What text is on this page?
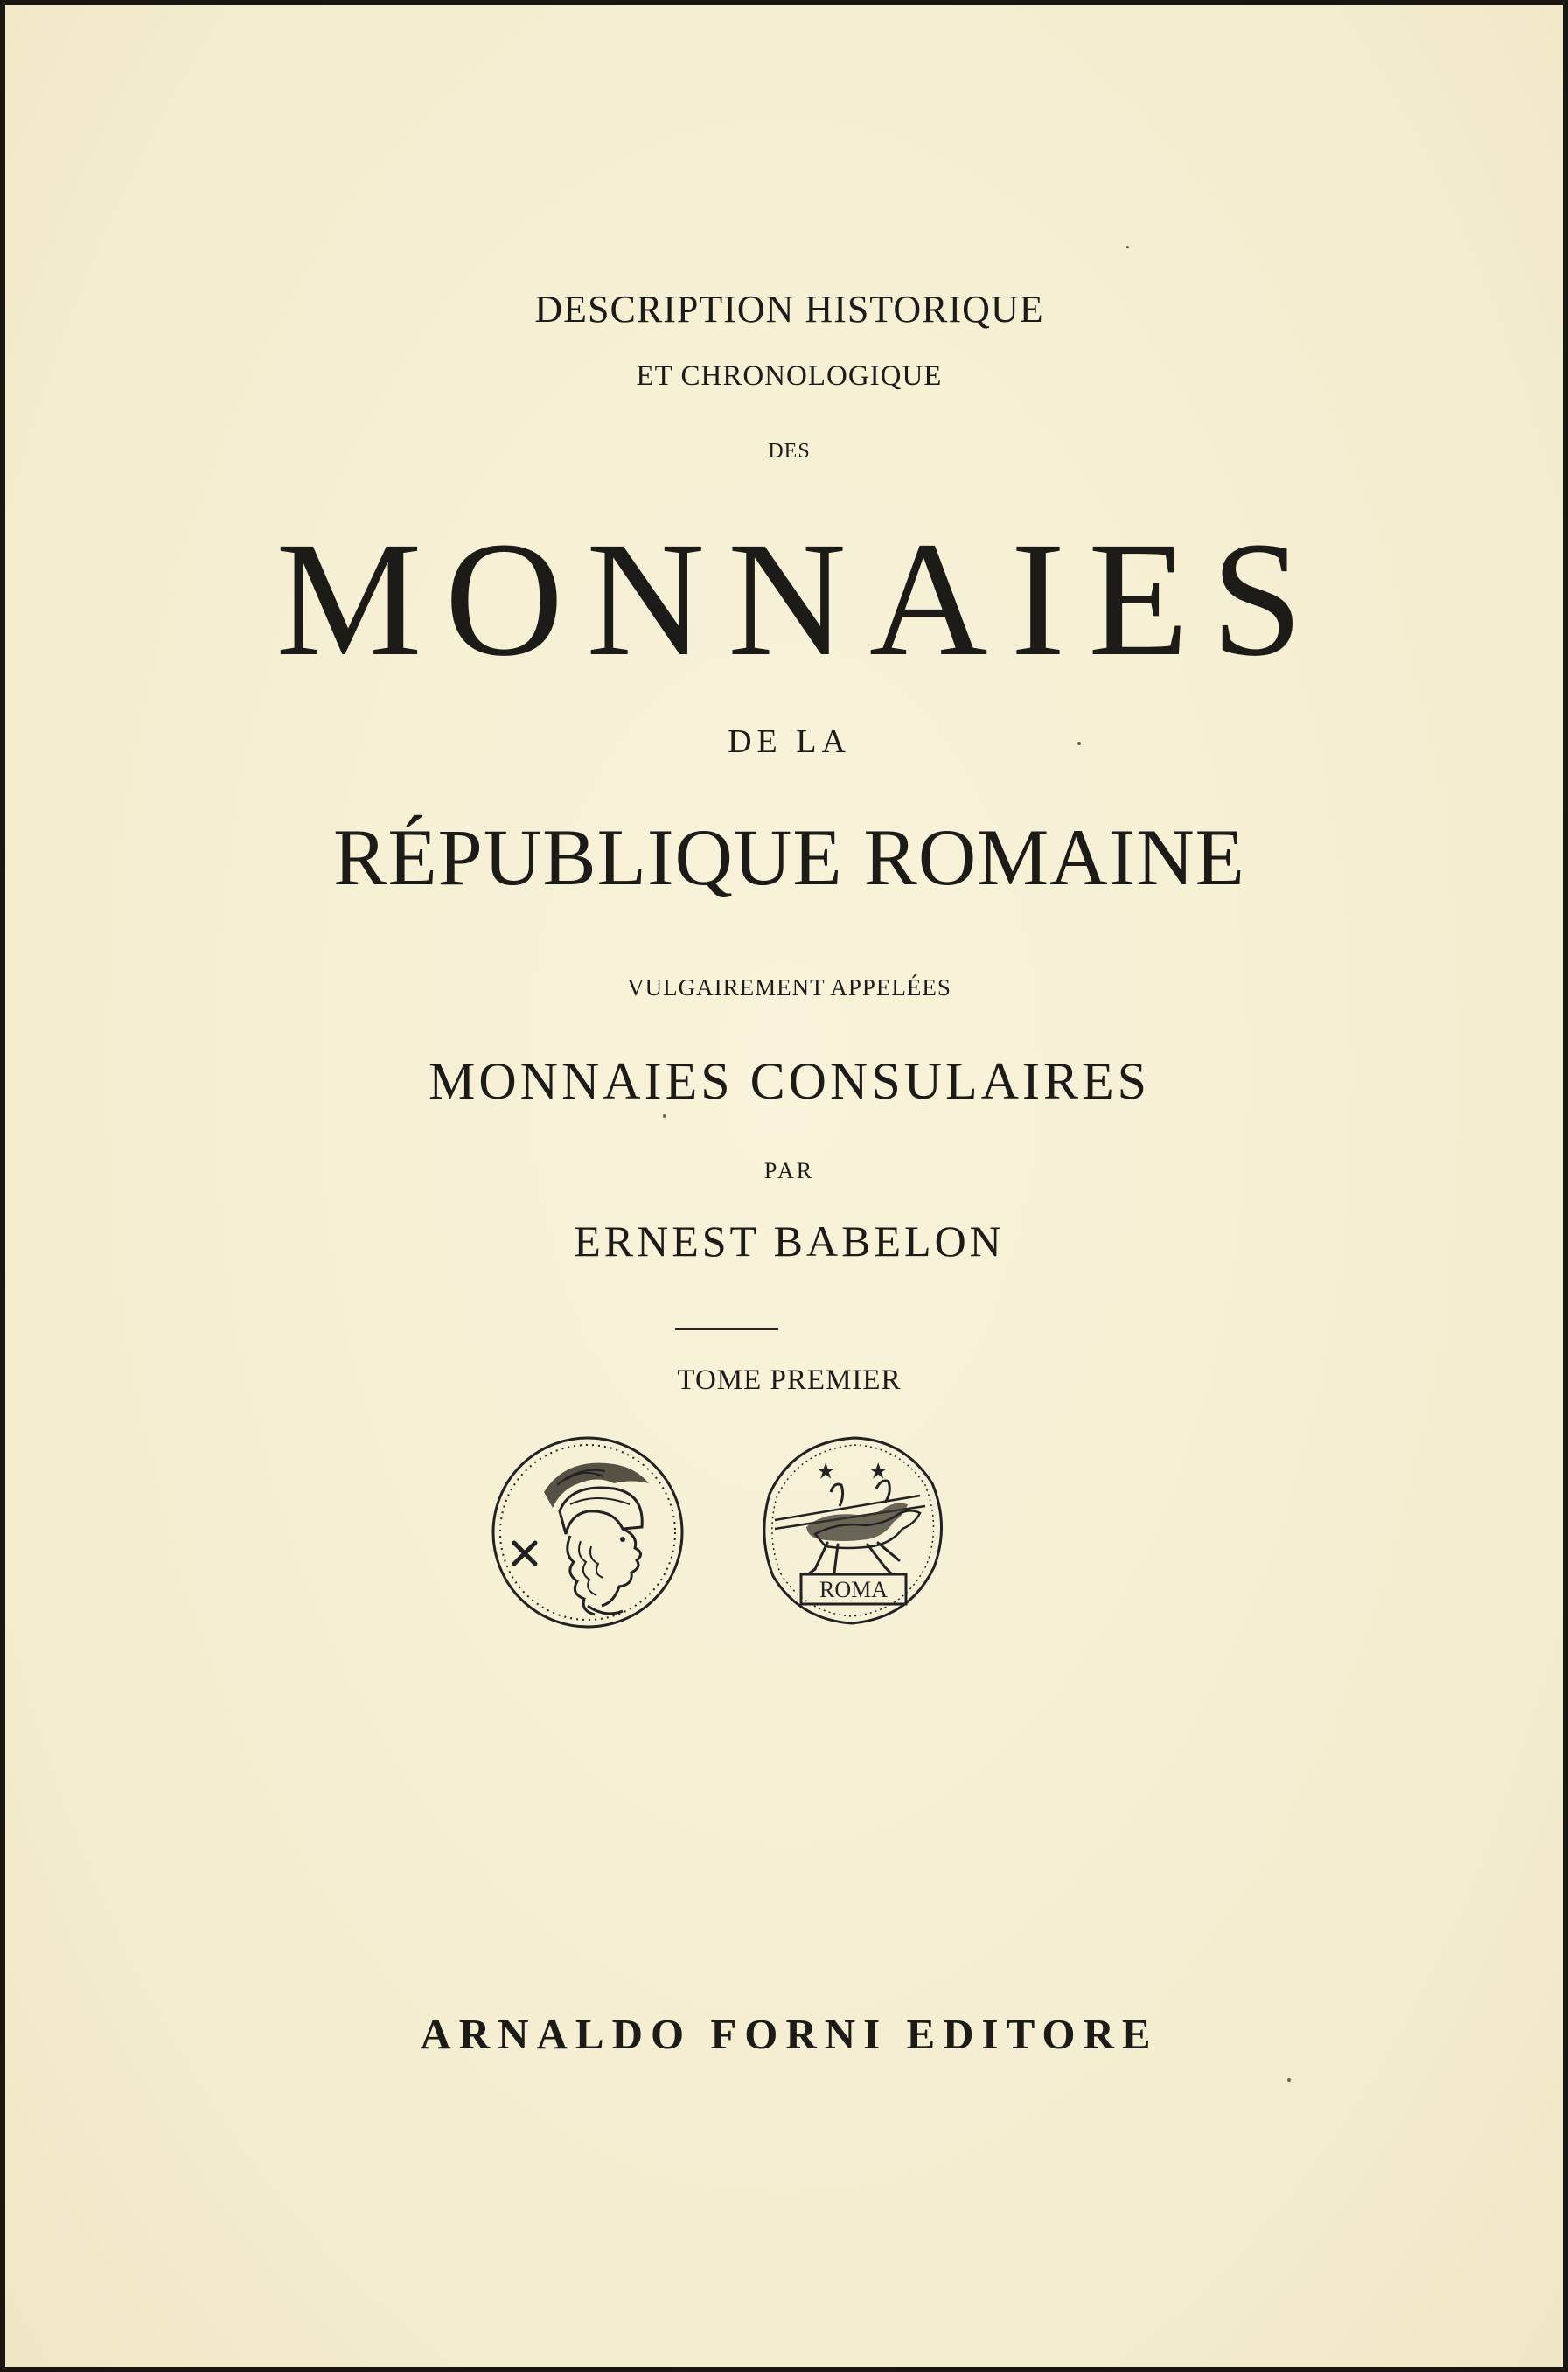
DESCRIPTION HISTORIQUE

ET CHRONOLOGIQUE

DES

MONNAIES

DE LA

RÉPUBLIQUE ROMAINE

VULGAIREMENT APPELÉES

MONNAIES CONSULAIRES

PAR

ERNEST BABELON

TOME PREMIER

ROMA

ARNALDO FORNI EDITORE
